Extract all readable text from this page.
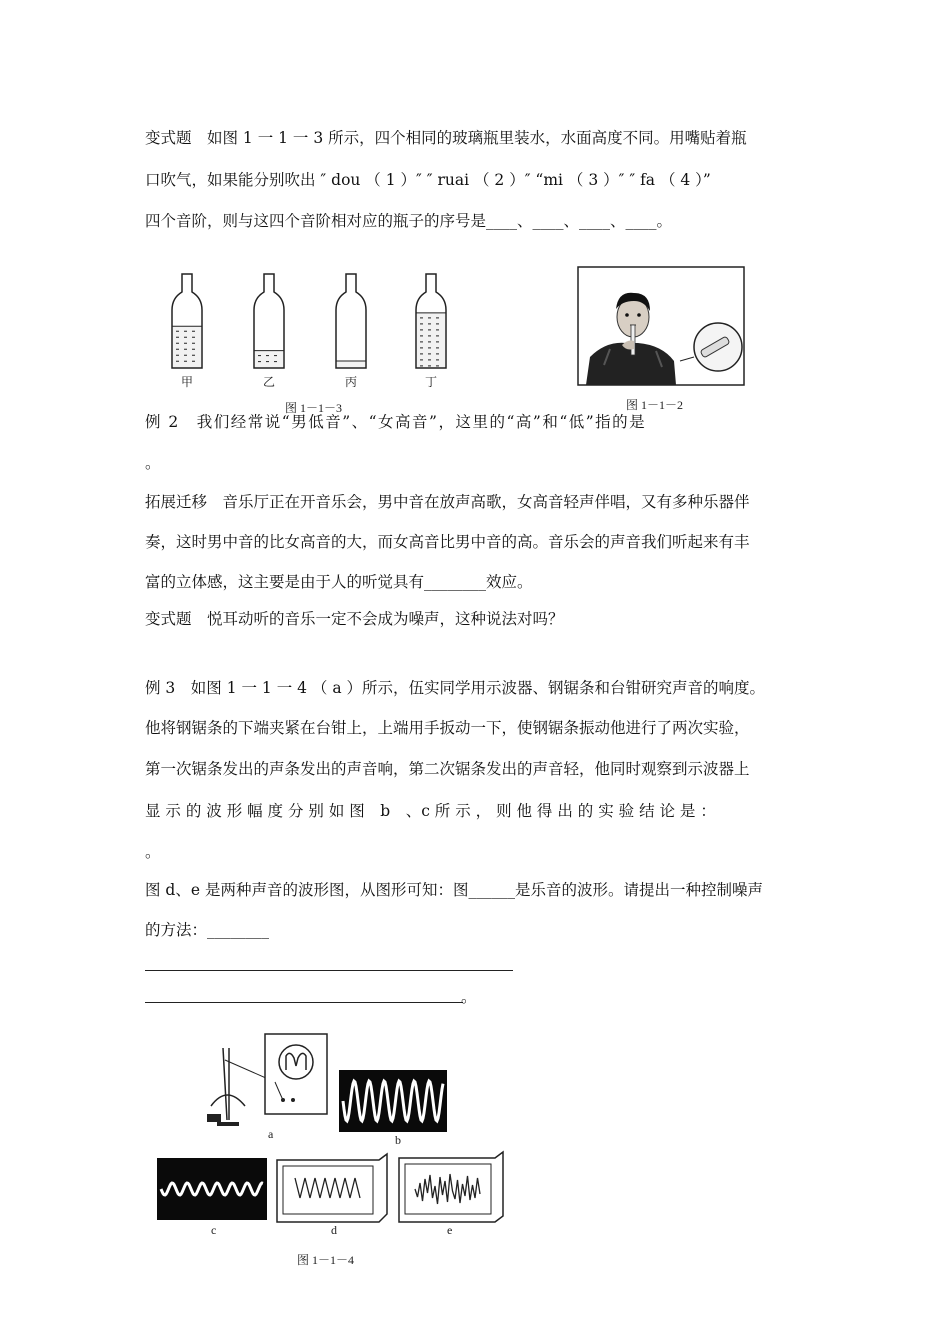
变式题　如图 1 一 1 一 3 所示，四个相同的玻璃瓶里装水，水面高度不同。用嘴贴着瓶
口吹气，如果能分别吹出 ″ dou （ 1 ）″ ″ ruai （ 2 ）″ “mi （ 3 ）″ ″ fa （ 4 ）”
四个音阶，则与这四个音阶相对应的瓶子的序号是____、____、____、____。
甲	乙	丙	丁
图 1－1－3	图 1－1－2
例 2　我们经常说“男低音”、“女高音”，这里的“高”和“低”指的是
。
拓展迁移　音乐厅正在开音乐会，男中音在放声高歌，女高音轻声伴唱，又有多种乐器伴
奏，这时男中音的比女高音的大，而女高音比男中音的高。音乐会的声音我们听起来有丰
富的立体感，这主要是由于人的听觉具有________效应。
变式题　悦耳动听的音乐一定不会成为噪声，这种说法对吗？
例 3　如图 1 一 1 一 4 （ a ）所示，伍实同学用示波器、钢锯条和台钳研究声音的响度。
他将钢锯条的下端夹紧在台钳上，上端用手扳动一下，使钢锯条振动他进行了两次实验，
第一次锯条发出的声条发出的声音响，第二次锯条发出的声音轻，他同时观察到示波器上
显 示 的 波 形 幅 度 分 别 如 图　b　、c 所 示 ， 则 他 得 出 的 实 验 结 论 是 ：
。
图 d、e 是两种声音的波形图，从图形可知：图______是乐音的波形。请提出一种控制噪声
的方法：________
。
a	b
c	d	e
图 1－1－4
